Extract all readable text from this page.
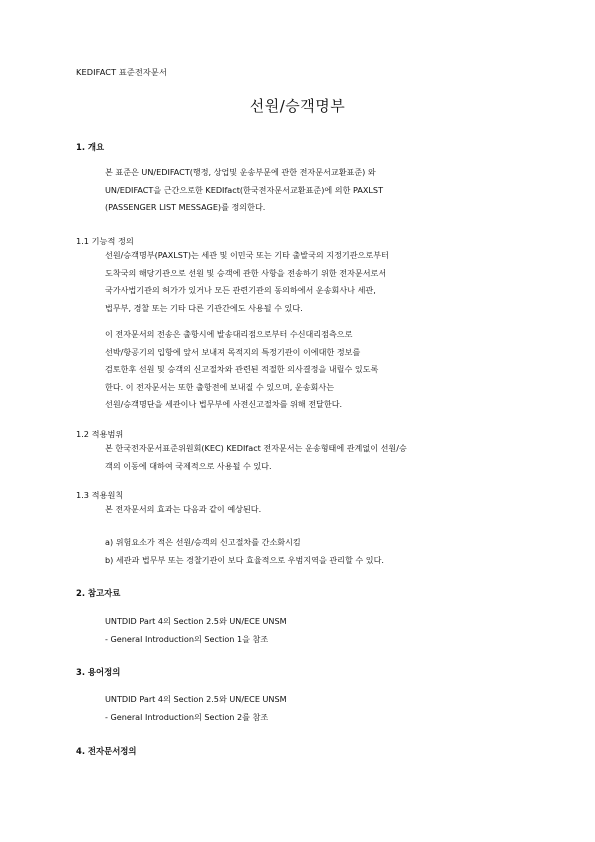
KEDIFACT 표준전자문서
선원/승객명부
1. 개요
본 표준은 UN/EDIFACT(행정, 상업및 운송부문에 관한 전자문서교환표준) 와
UN/EDIFACT을 근간으로한 KEDIfact(한국전자문서교환표준)에 의한 PAXLST
(PASSENGER LIST MESSAGE)를 정의한다.
1.1 기능적 정의
선원/승객명부(PAXLST)는 세관 및 이민국 또는 기타 출발국의 지정기관으로부터
도착국의 해당기관으로 선원 및 승객에 관한 사항을 전송하기 위한 전자문서로서
국가사법기관의 허가가 있거나 모든 관련기관의 동의하에서 운송회사나 세관,
법무부, 경찰 또는 기타 다른 기관간에도 사용될 수 있다.
이 전자문서의 전송은 출항시에 발송대리점으로부터 수신대리점측으로
선박/항공기의 입항에 앞서 보내져 목적지의 특정기관이 이에대한 정보를
검토한후 선원 및 승객의 신고절차와 관련된 적절한 의사결정을 내릴수 있도록
한다. 이 전자문서는 또한 출항전에 보내질 수 있으며, 운송회사는
선원/승객명단을 세관이나 법무부에 사전신고절차를 위해 전달한다.
1.2 적용범위
본 한국전자문서표준위원회(KEC) KEDIfact 전자문서는 운송형태에 관계없이 선원/승
객의 이동에 대하여 국제적으로 사용될 수 있다.
1.3 적용원칙
본 전자문서의 효과는 다음과 같이 예상된다.
a) 위험요소가 적은 선원/승객의 신고절차를 간소화시킴
b) 세관과 법무부 또는 경찰기관이 보다 효율적으로 우범지역을 관리할 수 있다.
2. 참고자료
UNTDID Part 4의 Section 2.5와 UN/ECE UNSM
- General Introduction의 Section 1을 참조
3. 용어정의
UNTDID Part 4의 Section 2.5와 UN/ECE UNSM
- General Introduction의 Section 2를 참조
4. 전자문서정의
